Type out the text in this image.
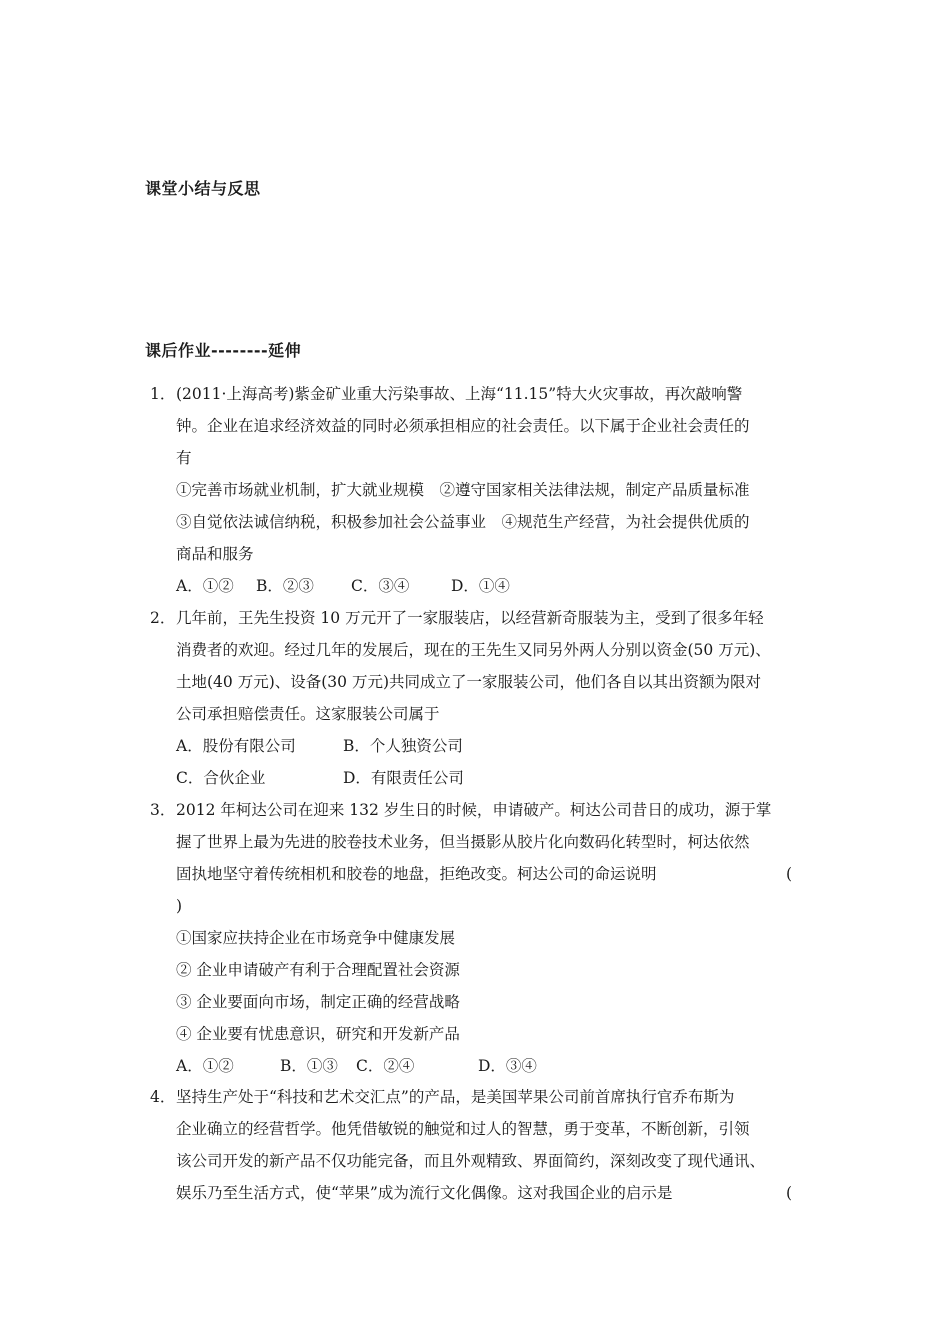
课堂小结与反思
课后作业--------延伸
1．(2011·上海高考)紫金矿业重大污染事故、上海“11.15”特大火灾事故，再次敲响警
钟。企业在追求经济效益的同时必须承担相应的社会责任。以下属于企业社会责任的
有
①完善市场就业机制，扩大就业规模　②遵守国家相关法律法规，制定产品质量标准
③自觉依法诚信纳税，积极参加社会公益事业　④规范生产经营，为社会提供优质的
商品和服务
A．①② B．②③ C．③④	D．①④
2．几年前，王先生投资 10 万元开了一家服装店，以经营新奇服装为主，受到了很多年轻
消费者的欢迎。经过几年的发展后，现在的王先生又同另外两人分别以资金(50 万元)、
土地(40 万元)、设备(30 万元)共同成立了一家服装公司，他们各自以其出资额为限对
公司承担赔偿责任。这家服装公司属于
A．股份有限公司	B．个人独资公司
C．合伙企业	D．有限责任公司
3．2012 年柯达公司在迎来 132 岁生日的时候，申请破产。柯达公司昔日的成功，源于掌
握了世界上最为先进的胶卷技术业务，但当摄影从胶片化向数码化转型时，柯达依然
固执地坚守着传统相机和胶卷的地盘，拒绝改变。柯达公司的命运说明	(
)
①国家应扶持企业在市场竞争中健康发展
② 企业申请破产有利于合理配置社会资源
③ 企业要面向市场，制定正确的经营战略
④ 企业要有忧患意识，研究和开发新产品
A．①②	B．①③ C．②④	D．③④
4．坚持生产处于“科技和艺术交汇点”的产品，是美国苹果公司前首席执行官乔布斯为
企业确立的经营哲学。他凭借敏锐的触觉和过人的智慧，勇于变革，不断创新，引领
该公司开发的新产品不仅功能完备，而且外观精致、界面简约，深刻改变了现代通讯、
娱乐乃至生活方式，使“苹果”成为流行文化偶像。这对我国企业的启示是	(
